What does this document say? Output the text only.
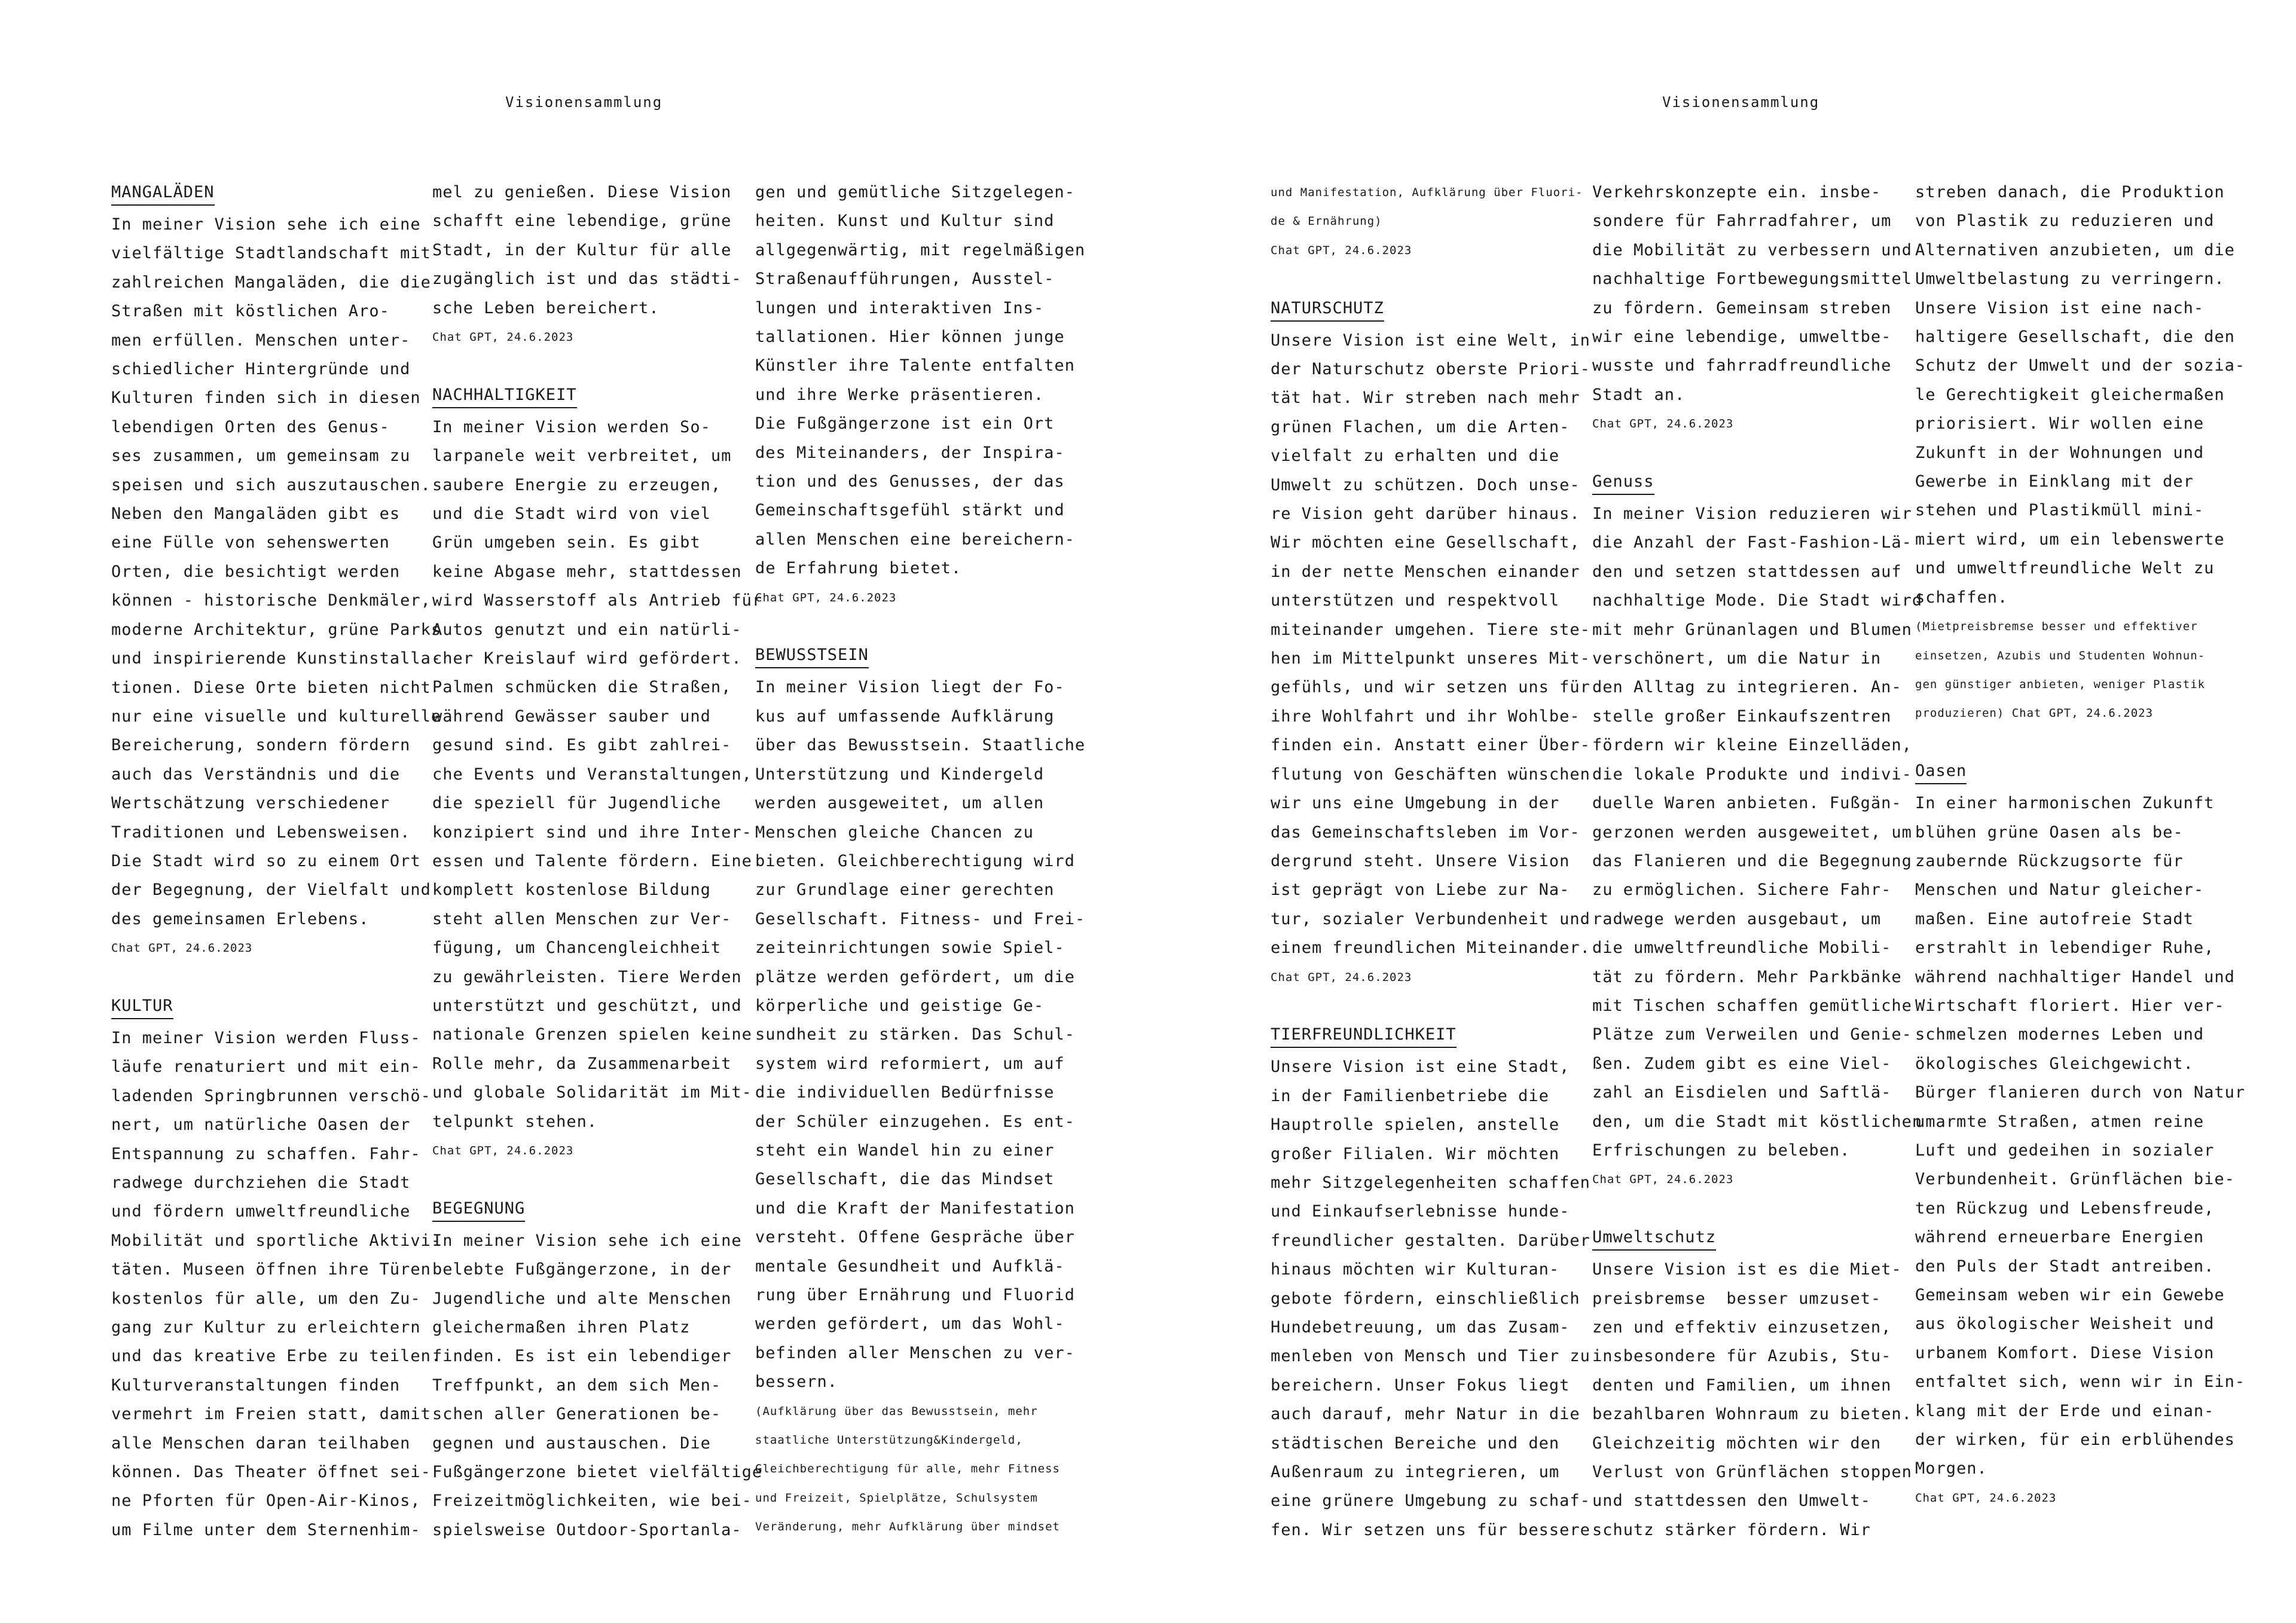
Visionensammlung	Visionensammlung

MANGALÄDEN

In meiner Vision sehe ich eine

vielfältige Stadtlandschaft mit

zahlreichen Mangaläden, die die

Straßen mit köstlichen Aro-

men erfüllen. Menschen unter-

schiedlicher Hintergründe und

Kulturen finden sich in diesen

lebendigen Orten des Genus-

ses zusammen, um gemeinsam zu

speisen und sich auszutauschen.

Neben den Mangaläden gibt es

eine Fülle von sehenswerten

Orten, die besichtigt werden

können - historische Denkmäler,

moderne Architektur, grüne Parks

und inspirierende Kunstinstalla-

tionen. Diese Orte bieten nicht

nur eine visuelle und kulturelle

Bereicherung, sondern fördern

auch das Verständnis und die

Wertschätzung verschiedener

Traditionen und Lebensweisen.

Die Stadt wird so zu einem Ort

der Begegnung, der Vielfalt und

des gemeinsamen Erlebens.

Chat GPT, 24.6.2023

KULTUR

In meiner Vision werden Fluss-

läufe renaturiert und mit ein-

ladenden Springbrunnen verschö-

nert, um natürliche Oasen der

Entspannung zu schaffen. Fahr-

radwege durchziehen die Stadt

und fördern umweltfreundliche

Mobilität und sportliche Aktivi-

täten. Museen öffnen ihre Türen

kostenlos für alle, um den Zu-

gang zur Kultur zu erleichtern

und das kreative Erbe zu teilen.

Kulturveranstaltungen finden

vermehrt im Freien statt, damit

alle Menschen daran teilhaben

können. Das Theater öffnet sei-

ne Pforten für Open-Air-Kinos,

um Filme unter dem Sternenhim-

mel zu genießen. Diese Vision

schafft eine lebendige, grüne

Stadt, in der Kultur für alle

zugänglich ist und das städti-

sche Leben bereichert.

Chat GPT, 24.6.2023

NACHHALTIGKEIT

In meiner Vision werden So-

larpanele weit verbreitet, um

saubere Energie zu erzeugen,

und die Stadt wird von viel

Grün umgeben sein. Es gibt

keine Abgase mehr, stattdessen

wird Wasserstoff als Antrieb für

Autos genutzt und ein natürli-

cher Kreislauf wird gefördert.

Palmen schmücken die Straßen,

während Gewässer sauber und

gesund sind. Es gibt zahlrei-

che Events und Veranstaltungen,

die speziell für Jugendliche

konzipiert sind und ihre Inter-

essen und Talente fördern. Eine

komplett kostenlose Bildung

steht allen Menschen zur Ver-

fügung, um Chancengleichheit

zu gewährleisten. Tiere Werden

unterstützt und geschützt, und

nationale Grenzen spielen keine

Rolle mehr, da Zusammenarbeit

und globale Solidarität im Mit-

telpunkt stehen.

Chat GPT, 24.6.2023

BEGEGNUNG

In meiner Vision sehe ich eine

belebte Fußgängerzone, in der

Jugendliche und alte Menschen

gleichermaßen ihren Platz

finden. Es ist ein lebendiger

Treffpunkt, an dem sich Men-

schen aller Generationen be-

gegnen und austauschen. Die

Fußgängerzone bietet vielfältige

Freizeitmöglichkeiten, wie bei-

spielsweise Outdoor-Sportanla-

gen und gemütliche Sitzgelegen-

heiten. Kunst und Kultur sind

allgegenwärtig, mit regelmäßigen

Straßenaufführungen, Ausstel-

lungen und interaktiven Ins-

tallationen. Hier können junge

Künstler ihre Talente entfalten

und ihre Werke präsentieren.

Die Fußgängerzone ist ein Ort

des Miteinanders, der Inspira-

tion und des Genusses, der das

Gemeinschaftsgefühl stärkt und

allen Menschen eine bereichern-

de Erfahrung bietet.

Chat GPT, 24.6.2023

BEWUSSTSEIN

In meiner Vision liegt der Fo-

kus auf umfassende Aufklärung

über das Bewusstsein. Staatliche

Unterstützung und Kindergeld

werden ausgeweitet, um allen

Menschen gleiche Chancen zu

bieten. Gleichberechtigung wird

zur Grundlage einer gerechten

Gesellschaft. Fitness- und Frei-

zeiteinrichtungen sowie Spiel-

plätze werden gefördert, um die

körperliche und geistige Ge-

sundheit zu stärken. Das Schul-

system wird reformiert, um auf

die individuellen Bedürfnisse

der Schüler einzugehen. Es ent-

steht ein Wandel hin zu einer

Gesellschaft, die das Mindset

und die Kraft der Manifestation

versteht. Offene Gespräche über

mentale Gesundheit und Aufklä-

rung über Ernährung und Fluorid

werden gefördert, um das Wohl-

befinden aller Menschen zu ver-

bessern.

(Aufklärung über das Bewusstsein, mehr

staatliche Unterstützung&Kindergeld,

Gleichberechtigung für alle, mehr Fitness

und Freizeit, Spielplätze, Schulsystem

Veränderung, mehr Aufklärung über mindset

und Manifestation, Aufklärung über Fluori-

de & Ernährung)

Chat GPT, 24.6.2023

NATURSCHUTZ

Unsere Vision ist eine Welt, in

der Naturschutz oberste Priori-

tät hat. Wir streben nach mehr

grünen Flachen, um die Arten-

vielfalt zu erhalten und die

Umwelt zu schützen. Doch unse-

re Vision geht darüber hinaus.

Wir möchten eine Gesellschaft,

in der nette Menschen einander

unterstützen und respektvoll

miteinander umgehen. Tiere ste-

hen im Mittelpunkt unseres Mit-

gefühls, und wir setzen uns für

ihre Wohlfahrt und ihr Wohlbe-

finden ein. Anstatt einer Über-

flutung von Geschäften wünschen

wir uns eine Umgebung in der

das Gemeinschaftsleben im Vor-

dergrund steht. Unsere Vision

ist geprägt von Liebe zur Na-

tur, sozialer Verbundenheit und

einem freundlichen Miteinander.

Chat GPT, 24.6.2023

TIERFREUNDLICHKEIT

Unsere Vision ist eine Stadt,

in der Familienbetriebe die

Hauptrolle spielen, anstelle

großer Filialen. Wir möchten

mehr Sitzgelegenheiten schaffen

und Einkaufserlebnisse hunde-

freundlicher gestalten. Darüber

hinaus möchten wir Kulturan-

gebote fördern, einschließlich

Hundebetreuung, um das Zusam-

menleben von Mensch und Tier zu

bereichern. Unser Fokus liegt

auch darauf, mehr Natur in die

städtischen Bereiche und den

Außenraum zu integrieren, um

eine grünere Umgebung zu schaf-

fen. Wir setzen uns für bessere

Verkehrskonzepte ein. insbe-

sondere für Fahrradfahrer, um

die Mobilität zu verbessern und

nachhaltige Fortbewegungsmittel

zu fördern. Gemeinsam streben

wir eine lebendige, umweltbe-

wusste und fahrradfreundliche

Stadt an.

Chat GPT, 24.6.2023

Genuss

In meiner Vision reduzieren wir

die Anzahl der Fast-Fashion-Lä-

den und setzen stattdessen auf

nachhaltige Mode. Die Stadt wird

mit mehr Grünanlagen und Blumen

verschönert, um die Natur in

den Alltag zu integrieren. An-

stelle großer Einkaufszentren

fördern wir kleine Einzelläden,

die lokale Produkte und indivi-

duelle Waren anbieten. Fußgän-

gerzonen werden ausgeweitet, um

das Flanieren und die Begegnung

zu ermöglichen. Sichere Fahr-

radwege werden ausgebaut, um

die umweltfreundliche Mobili-

tät zu fördern. Mehr Parkbänke

mit Tischen schaffen gemütliche

Plätze zum Verweilen und Genie-

ßen. Zudem gibt es eine Viel-

zahl an Eisdielen und Saftlä-

den, um die Stadt mit köstlichen

Erfrischungen zu beleben.

Chat GPT, 24.6.2023

Umweltschutz

Unsere Vision ist es die Miet-

preisbremse  besser umzuset-

zen und effektiv einzusetzen,

insbesondere für Azubis, Stu-

denten und Familien, um ihnen

bezahlbaren Wohnraum zu bieten.

Gleichzeitig möchten wir den

Verlust von Grünflächen stoppen

und stattdessen den Umwelt-

schutz stärker fördern. Wir

streben danach, die Produktion

von Plastik zu reduzieren und

Alternativen anzubieten, um die

Umweltbelastung zu verringern.

Unsere Vision ist eine nach-

haltigere Gesellschaft, die den

Schutz der Umwelt und der sozia-

le Gerechtigkeit gleichermaßen

priorisiert. Wir wollen eine

Zukunft in der Wohnungen und

Gewerbe in Einklang mit der

stehen und Plastikmüll mini-

miert wird, um ein lebenswerte

und umweltfreundliche Welt zu

schaffen.

(Mietpreisbremse besser und effektiver

einsetzen, Azubis und Studenten Wohnun-

gen günstiger anbieten, weniger Plastik

produzieren) Chat GPT, 24.6.2023

Oasen

In einer harmonischen Zukunft

blühen grüne Oasen als be-

zaubernde Rückzugsorte für

Menschen und Natur gleicher-

maßen. Eine autofreie Stadt

erstrahlt in lebendiger Ruhe,

während nachhaltiger Handel und

Wirtschaft floriert. Hier ver-

schmelzen modernes Leben und

ökologisches Gleichgewicht.

Bürger flanieren durch von Natur

umarmte Straßen, atmen reine

Luft und gedeihen in sozialer

Verbundenheit. Grünflächen bie-

ten Rückzug und Lebensfreude,

während erneuerbare Energien

den Puls der Stadt antreiben.

Gemeinsam weben wir ein Gewebe

aus ökologischer Weisheit und

urbanem Komfort. Diese Vision

entfaltet sich, wenn wir in Ein-

klang mit der Erde und einan-

der wirken, für ein erblühendes

Morgen.

Chat GPT, 24.6.2023
